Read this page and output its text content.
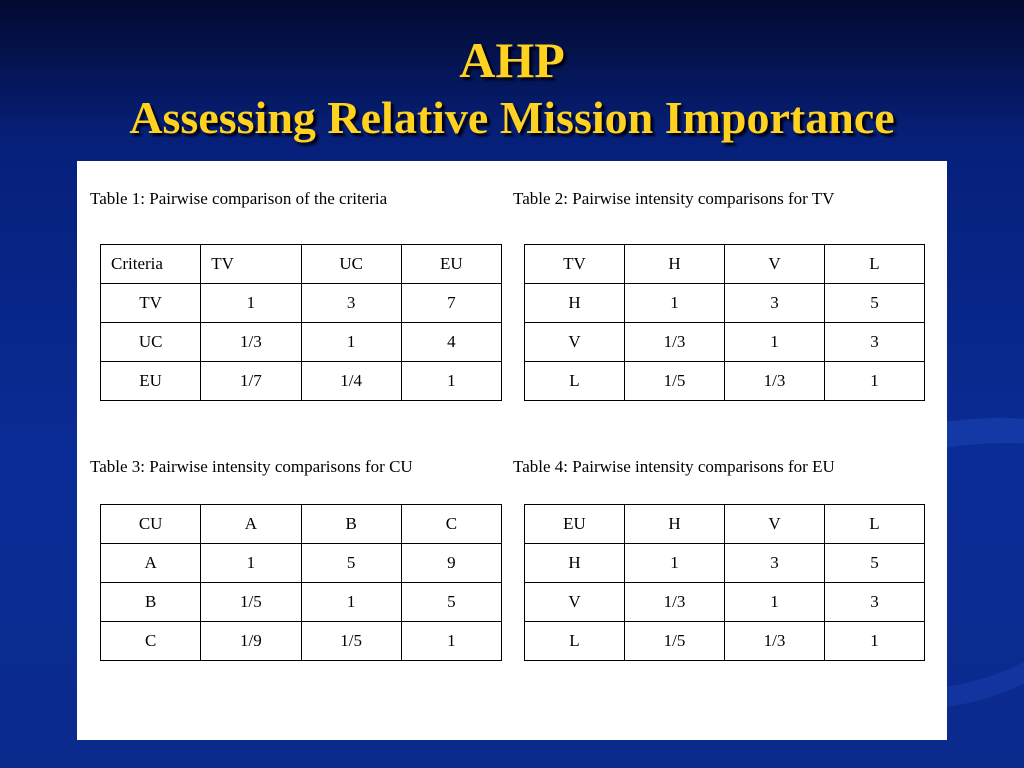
AHP
Assessing Relative Mission Importance
Table 1: Pairwise comparison of the criteria
Criteria	TV	UC	EU
TV	1	3	7
UC	1/3	1	4
EU	1/7	1/4	1
Table 2: Pairwise intensity comparisons for TV
TV	H	V	L
H	1	3	5
V	1/3	1	3
L	1/5	1/3	1
Table 3: Pairwise intensity comparisons for CU
CU	A	B	C
A	1	5	9
B	1/5	1	5
C	1/9	1/5	1
Table 4: Pairwise intensity comparisons for EU
EU	H	V	L
H	1	3	5
V	1/3	1	3
L	1/5	1/3	1
